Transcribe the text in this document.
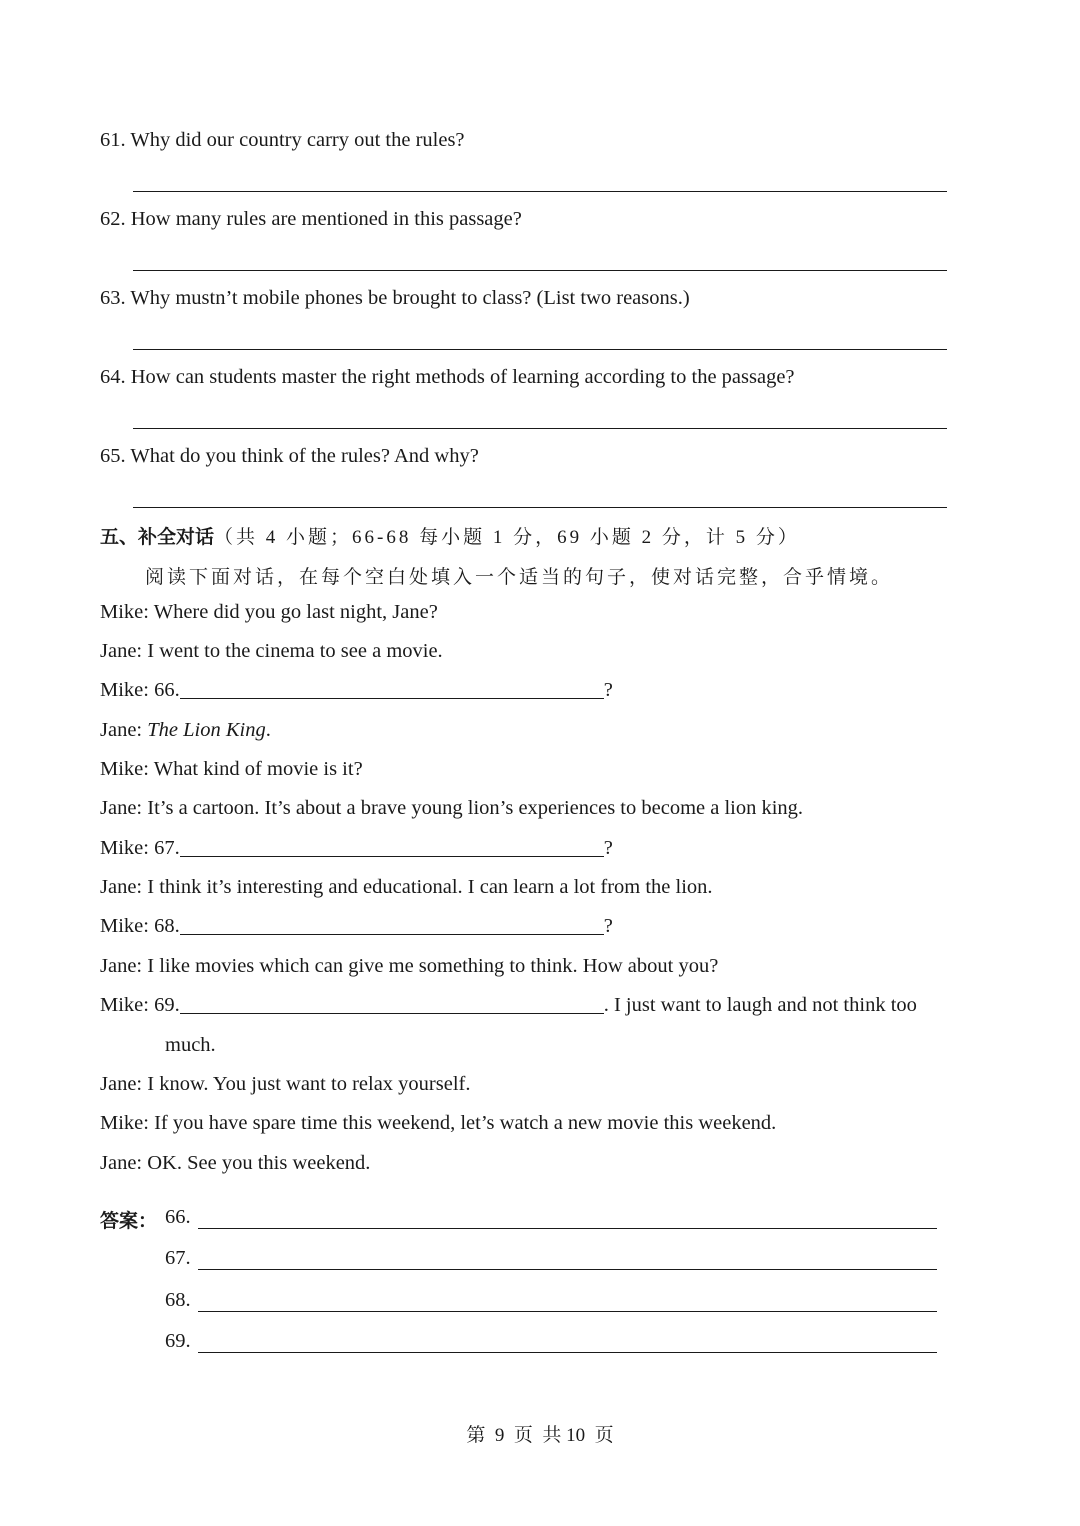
61. Why did our country carry out the rules?
62. How many rules are mentioned in this passage?
63. Why mustn’t mobile phones be brought to class? (List two reasons.)
64. How can students master the right methods of learning according to the passage?
65. What do you think of the rules? And why?
五、补全对话（共 4 小题；66-68 每小题 1 分，69 小题 2 分，计 5 分）
阅读下面对话，在每个空白处填入一个适当的句子，使对话完整，合乎情境。
Mike: Where did you go last night, Jane?
Jane: I went to the cinema to see a movie.
Mike: 66.	?
Jane: The Lion King.
Mike: What kind of movie is it?
Jane: It’s a cartoon. It’s about a brave young lion’s experiences to become a lion king.
Mike: 67.	?
Jane: I think it’s interesting and educational. I can learn a lot from the lion.
Mike: 68.	?
Jane: I like movies which can give me something to think. How about you?
Mike: 69.	. I just want to laugh and not think too
much.
Jane: I know. You just want to relax yourself.
Mike: If you have spare time this weekend, let’s watch a new movie this weekend.
Jane: OK. See you this weekend.
答案： 66.
67.
68.
69.
第  9  页  共 10  页
